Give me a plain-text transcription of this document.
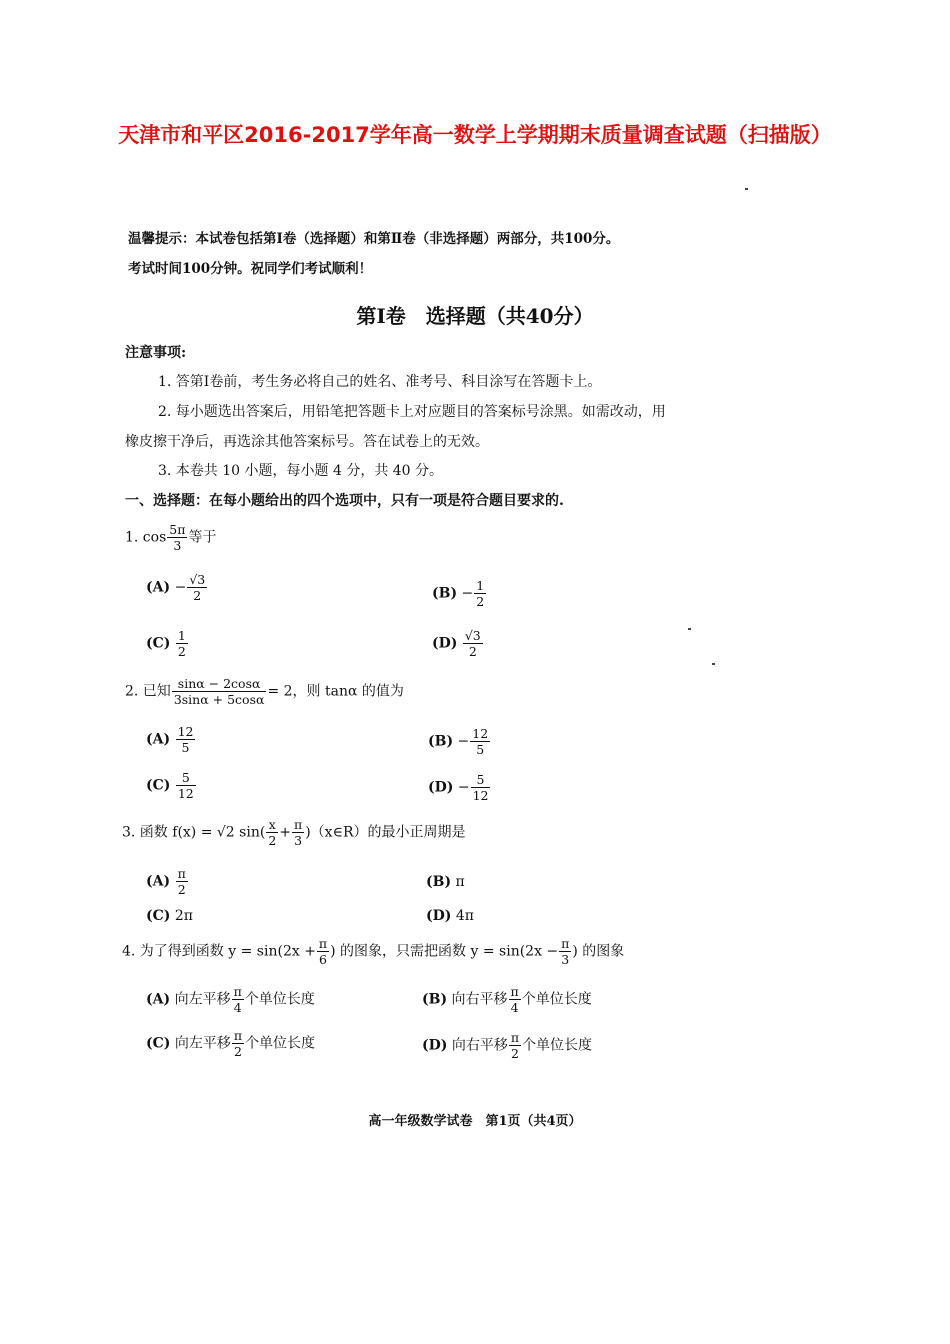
天津市和平区2016-2017学年高一数学上学期期末质量调查试题（扫描版）
温馨提示：本试卷包括第Ⅰ卷（选择题）和第Ⅱ卷（非选择题）两部分，共100分。
考试时间100分钟。祝同学们考试顺利！
第Ⅰ卷　选择题（共40分）
注意事项:
1. 答第Ⅰ卷前，考生务必将自己的姓名、准考号、科目涂写在答题卡上。
2. 每小题选出答案后，用铅笔把答题卡上对应题目的答案标号涂黑。如需改动，用
橡皮擦干净后，再选涂其他答案标号。答在试卷上的无效。
3. 本卷共 10 小题，每小题 4 分，共 40 分。
一、选择题：在每小题给出的四个选项中，只有一项是符合题目要求的.
1. $\cos \frac{5\pi}{3}$ 等于
$(A) - \frac{√3}{2}$	$(B) - \frac{1}{2}$
$(C) \frac{1}{2}$	$(D) \frac{√3}{2}$
2. 已知 $\frac{\sin\alpha - 2\cos\alpha}{3\sin\alpha + 5\cos\alpha} = 2$，则 tanα 的值为
$(A) \frac{12}{5}$	$(B) - \frac{12}{5}$
$(C) \frac{5}{12}$	$(D) - \frac{5}{12}$
3. 函数 f(x) = √2 $\sin( \frac{x}{2} + \frac{\pi}{3}$ )（x∈R）的最小正周期是
$(A) \frac{\pi}{2}$	(B) π
(C) 2π	(D) 4π
4. 为了得到函数 $y = \sin(2x + \frac{\pi}{6}$ ) 的图象，只需把函数 $y = \sin(2x - \frac{\pi}{3}$ ) 的图象
(A) 向左平移 $\frac{\pi}{4}$ 个单位长度	(B) 向右平移 $\frac{\pi}{4}$ 个单位长度
(C) 向左平移 $\frac{\pi}{2}$ 个单位长度	(D) 向右平移 $\frac{\pi}{2}$ 个单位长度
高一年级数学试卷　第1页（共4页）
